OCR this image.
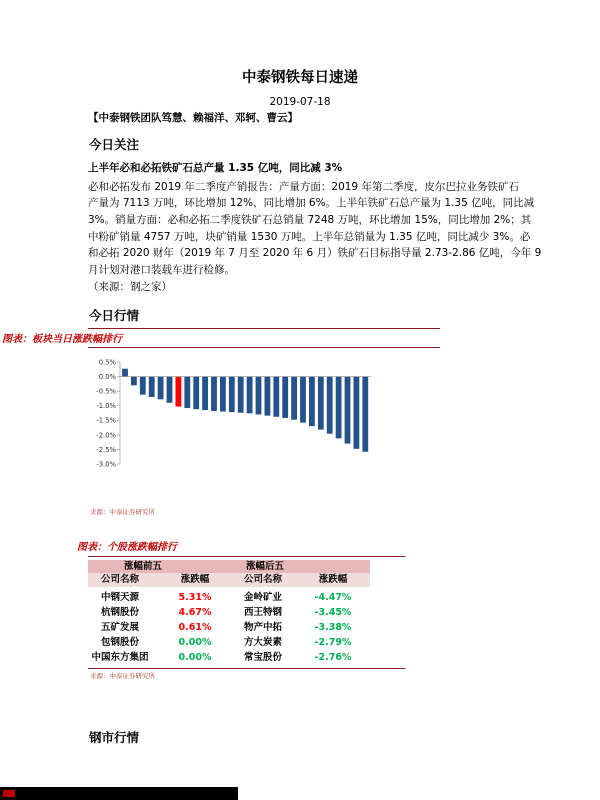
中泰钢铁每日速递
2019-07-18
【中泰钢铁团队笃慧、赖福洋、邓轲、曹云】
今日关注
上半年必和必拓铁矿石总产量 1.35 亿吨，同比减 3%
必和必拓发布 2019 年二季度产销报告：产量方面：2019 年第二季度，皮尔巴拉业务铁矿石
产量为 7113 万吨，环比增加 12%，同比增加 6%。上半年铁矿石总产量为 1.35 亿吨，同比减
3%。销量方面：必和必拓二季度铁矿石总销量 7248 万吨，环比增加 15%，同比增加 2%；其
中粉矿销量 4757 万吨，块矿销量 1530 万吨。上半年总销量为 1.35 亿吨，同比减少 3%。必
和必拓 2020 财年（2019 年 7 月至 2020 年 6 月）铁矿石目标指导量 2.73-2.86 亿吨，今年 9
月计划对港口装载车进行检修。
（来源：钢之家）
今日行情
图表：板块当日涨跌幅排行
0.5%
0.0%
-0.5%
-1.0%
-1.5%
-2.0%
-2.5%
-3.0%
来源：中泰证券研究所
图表：个股涨跌幅排行
涨幅前五	涨幅后五
公司名称	涨跌幅	公司名称	涨跌幅
中钢天源	5.31%	金岭矿业	-4.47%
杭钢股份	4.67%	西王特钢	-3.45%
五矿发展	0.61%	物产中拓	-3.38%
包钢股份	0.00%	方大炭素	-2.79%
中国东方集团	0.00%	常宝股份	-2.76%
来源：中泰证券研究所
钢市行情
